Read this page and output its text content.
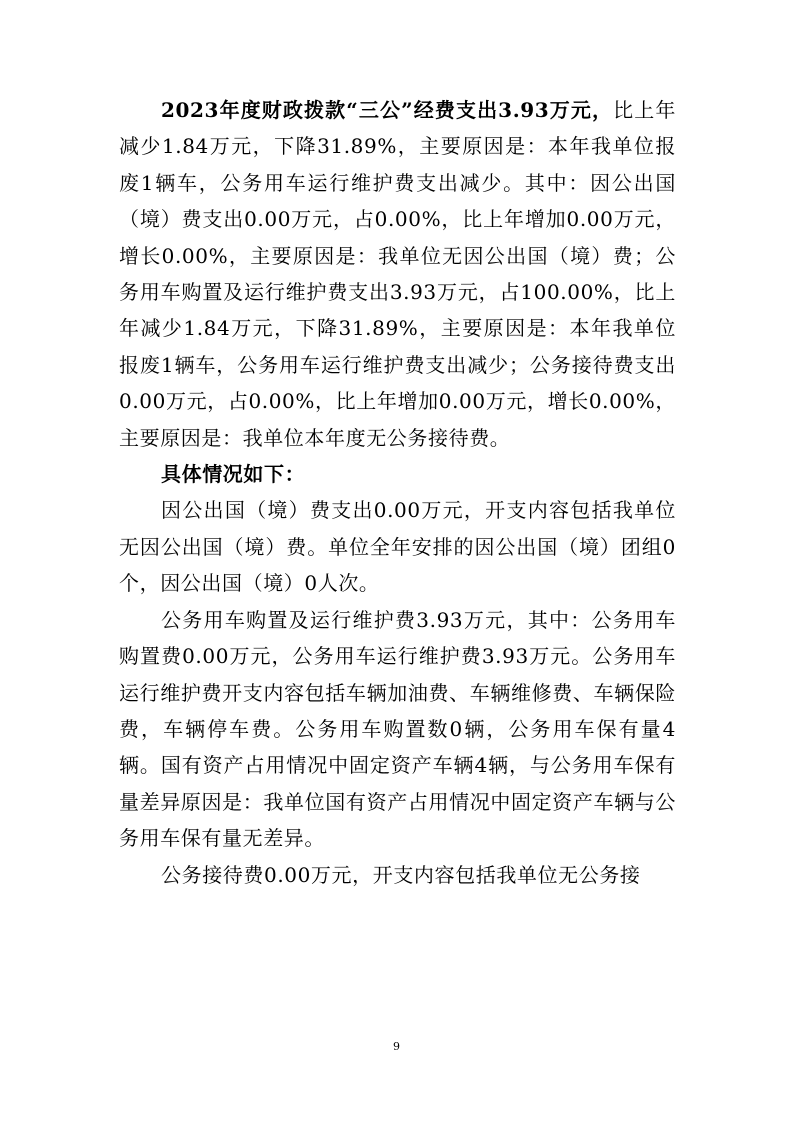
2023年度财政拨款“三公”经费支出3.93万元，比上年减少1.84万元，下降31.89%，主要原因是：本年我单位报废1辆车，公务用车运行维护费支出减少。其中：因公出国（境）费支出0.00万元，占0.00%，比上年增加0.00万元，增长0.00%，主要原因是：我单位无因公出国（境）费；公务用车购置及运行维护费支出3.93万元，占100.00%，比上年减少1.84万元，下降31.89%，主要原因是：本年我单位报废1辆车，公务用车运行维护费支出减少；公务接待费支出0.00万元，占0.00%，比上年增加0.00万元，增长0.00%，主要原因是：我单位本年度无公务接待费。

具体情况如下：

因公出国（境）费支出0.00万元，开支内容包括我单位无因公出国（境）费。单位全年安排的因公出国（境）团组0个，因公出国（境）0人次。

公务用车购置及运行维护费3.93万元，其中：公务用车购置费0.00万元，公务用车运行维护费3.93万元。公务用车运行维护费开支内容包括车辆加油费、车辆维修费、车辆保险费，车辆停车费。公务用车购置数0辆，公务用车保有量4辆。国有资产占用情况中固定资产车辆4辆，与公务用车保有量差异原因是：我单位国有资产占用情况中固定资产车辆与公务用车保有量无差异。

公务接待费0.00万元，开支内容包括我单位无公务接

9
